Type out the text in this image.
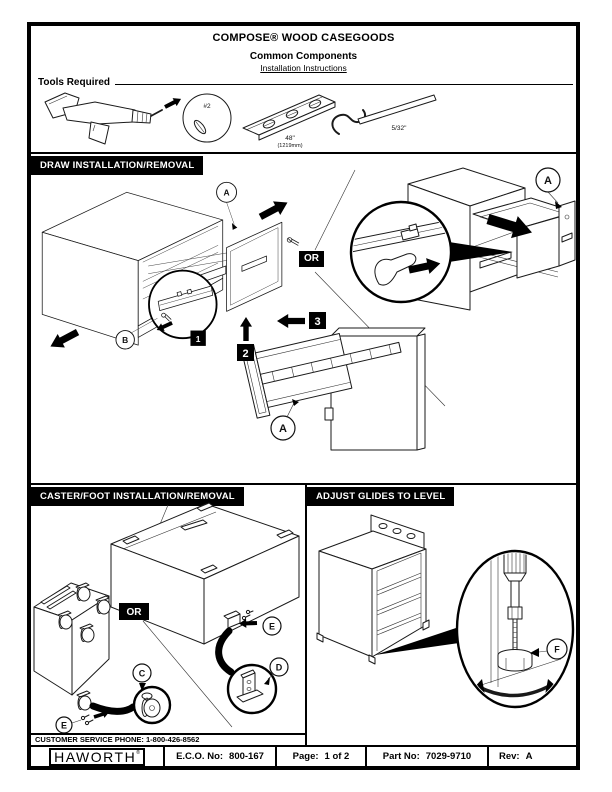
COMPOSE® WOOD CASEGOODS
Common Components
Installation Instructions
Tools Required
#2
48"
(1219mm)
5/32"
DRAW INSTALLATION/REMOVAL
A
B	1
OR
A
2
3
A
CASTER/FOOT INSTALLATION/REMOVAL
E
D
C
E
OR
ADJUST GLIDES TO LEVEL
F
CUSTOMER SERVICE PHONE: 1-800-426-8562
HAWORTH ®	E.C.O. No: 800-167	Page: 1 of 2	Part No: 7029-9710	Rev: A
